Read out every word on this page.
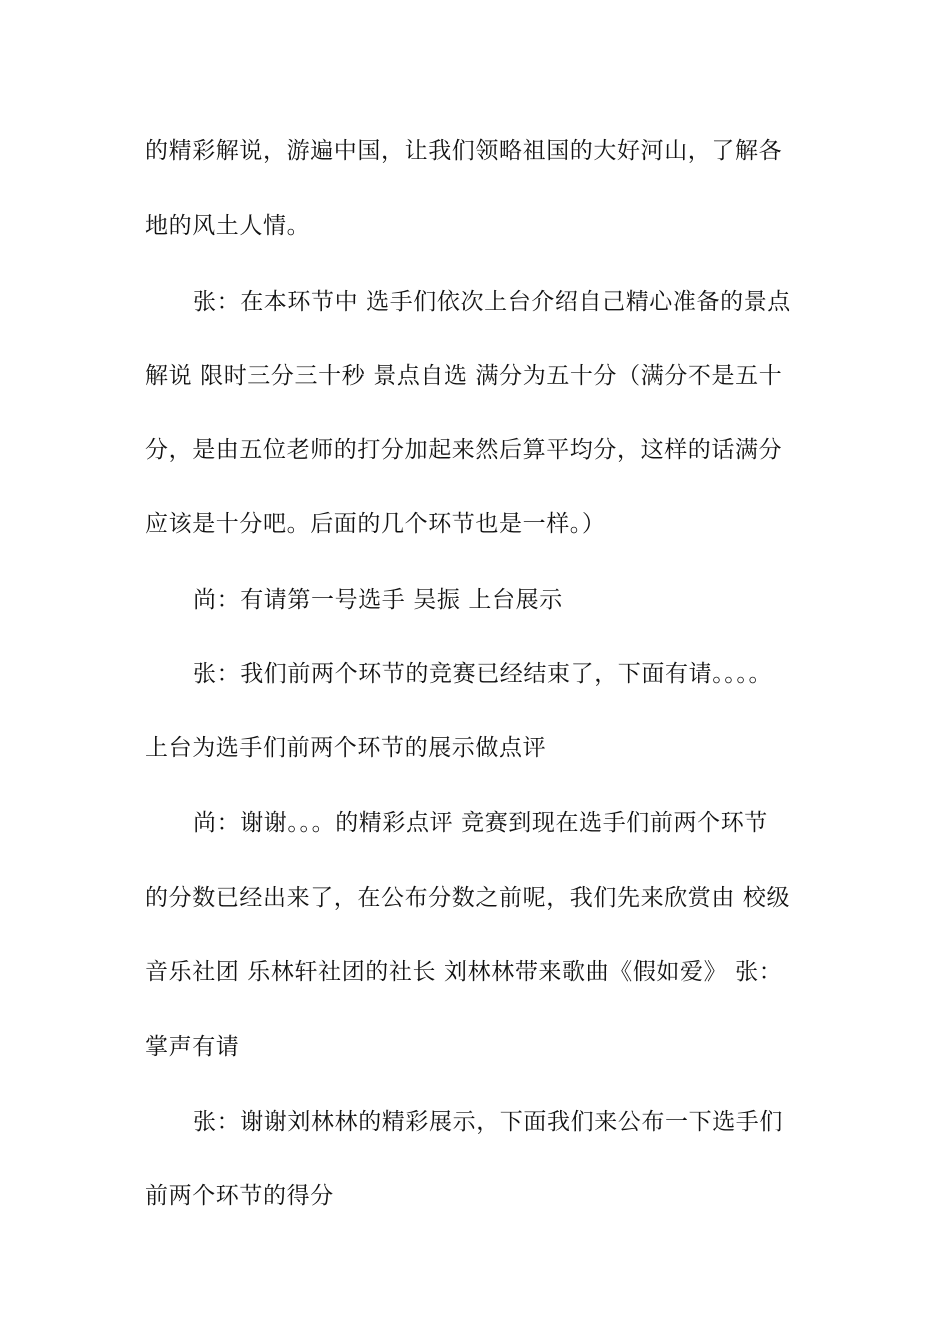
的精彩解说，游遍中国，让我们领略祖国的大好河山，了解各
地的风土人情。
张：在本环节中 选手们依次上台介绍自己精心准备的景点
解说 限时三分三十秒 景点自选 满分为五十分（满分不是五十
分，是由五位老师的打分加起来然后算平均分，这样的话满分
应该是十分吧。后面的几个环节也是一样。）
尚：有请第一号选手 吴振 上台展示
张：我们前两个环节的竞赛已经结束了，下面有请。。。。
上台为选手们前两个环节的展示做点评
尚：谢谢。。。的精彩点评 竞赛到现在选手们前两个环节
的分数已经出来了，在公布分数之前呢，我们先来欣赏由 校级
音乐社团 乐林轩社团的社长 刘林林带来歌曲《假如爱》 张：
掌声有请
张：谢谢刘林林的精彩展示，下面我们来公布一下选手们
前两个环节的得分
